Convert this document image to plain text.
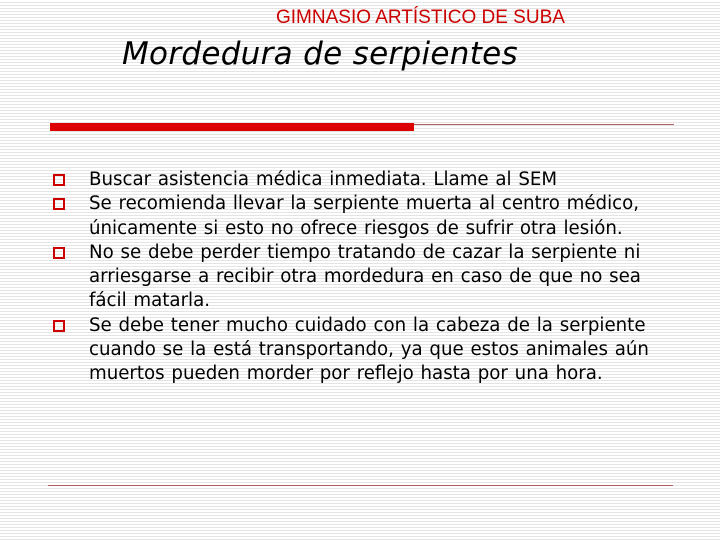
GIMNASIO ARTÍSTICO DE SUBA
Mordedura de serpientes
Buscar asistencia médica inmediata. Llame al SEM
Se recomienda llevar la serpiente muerta al centro médico, únicamente si esto no ofrece riesgos de sufrir otra lesión.
No se debe perder tiempo tratando de cazar la serpiente ni arriesgarse a recibir otra mordedura en caso de que no sea fácil matarla.
Se debe tener mucho cuidado con la cabeza de la serpiente cuando se la está transportando, ya que estos animales aún muertos pueden morder por reflejo hasta por una hora.
